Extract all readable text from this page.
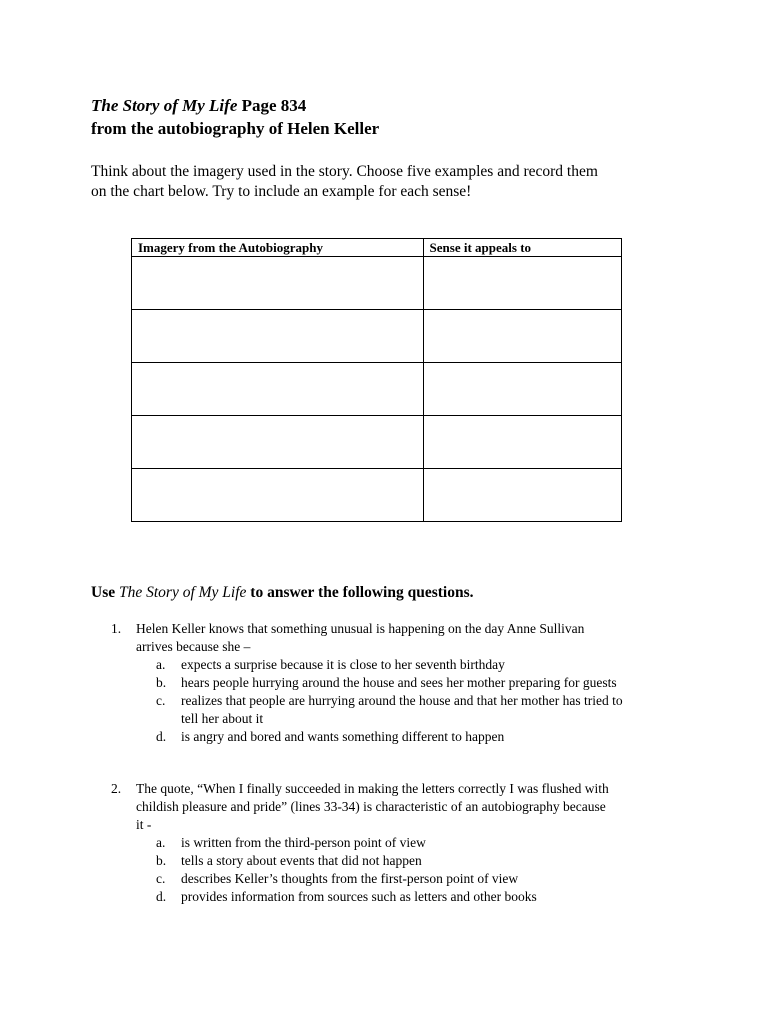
The Story of My Life Page 834
from the autobiography of Helen Keller
Think about the imagery used in the story. Choose five examples and record them
on the chart below. Try to include an example for each sense!
Imagery from the Autobiography	Sense it appeals to

Use The Story of My Life to answer the following questions.
1.	Helen Keller knows that something unusual is happening on the day Anne Sullivan
arrives because she –
a. expects a surprise because it is close to her seventh birthday
b. hears people hurrying around the house and sees her mother preparing for guests
c. realizes that people are hurrying around the house and that her mother has tried to
tell her about it
d. is angry and bored and wants something different to happen
2.	The quote, “When I finally succeeded in making the letters correctly I was flushed with
childish pleasure and pride” (lines 33-34) is characteristic of an autobiography because
it -
a. is written from the third-person point of view
b. tells a story about events that did not happen
c. describes Keller’s thoughts from the first-person point of view
d. provides information from sources such as letters and other books
